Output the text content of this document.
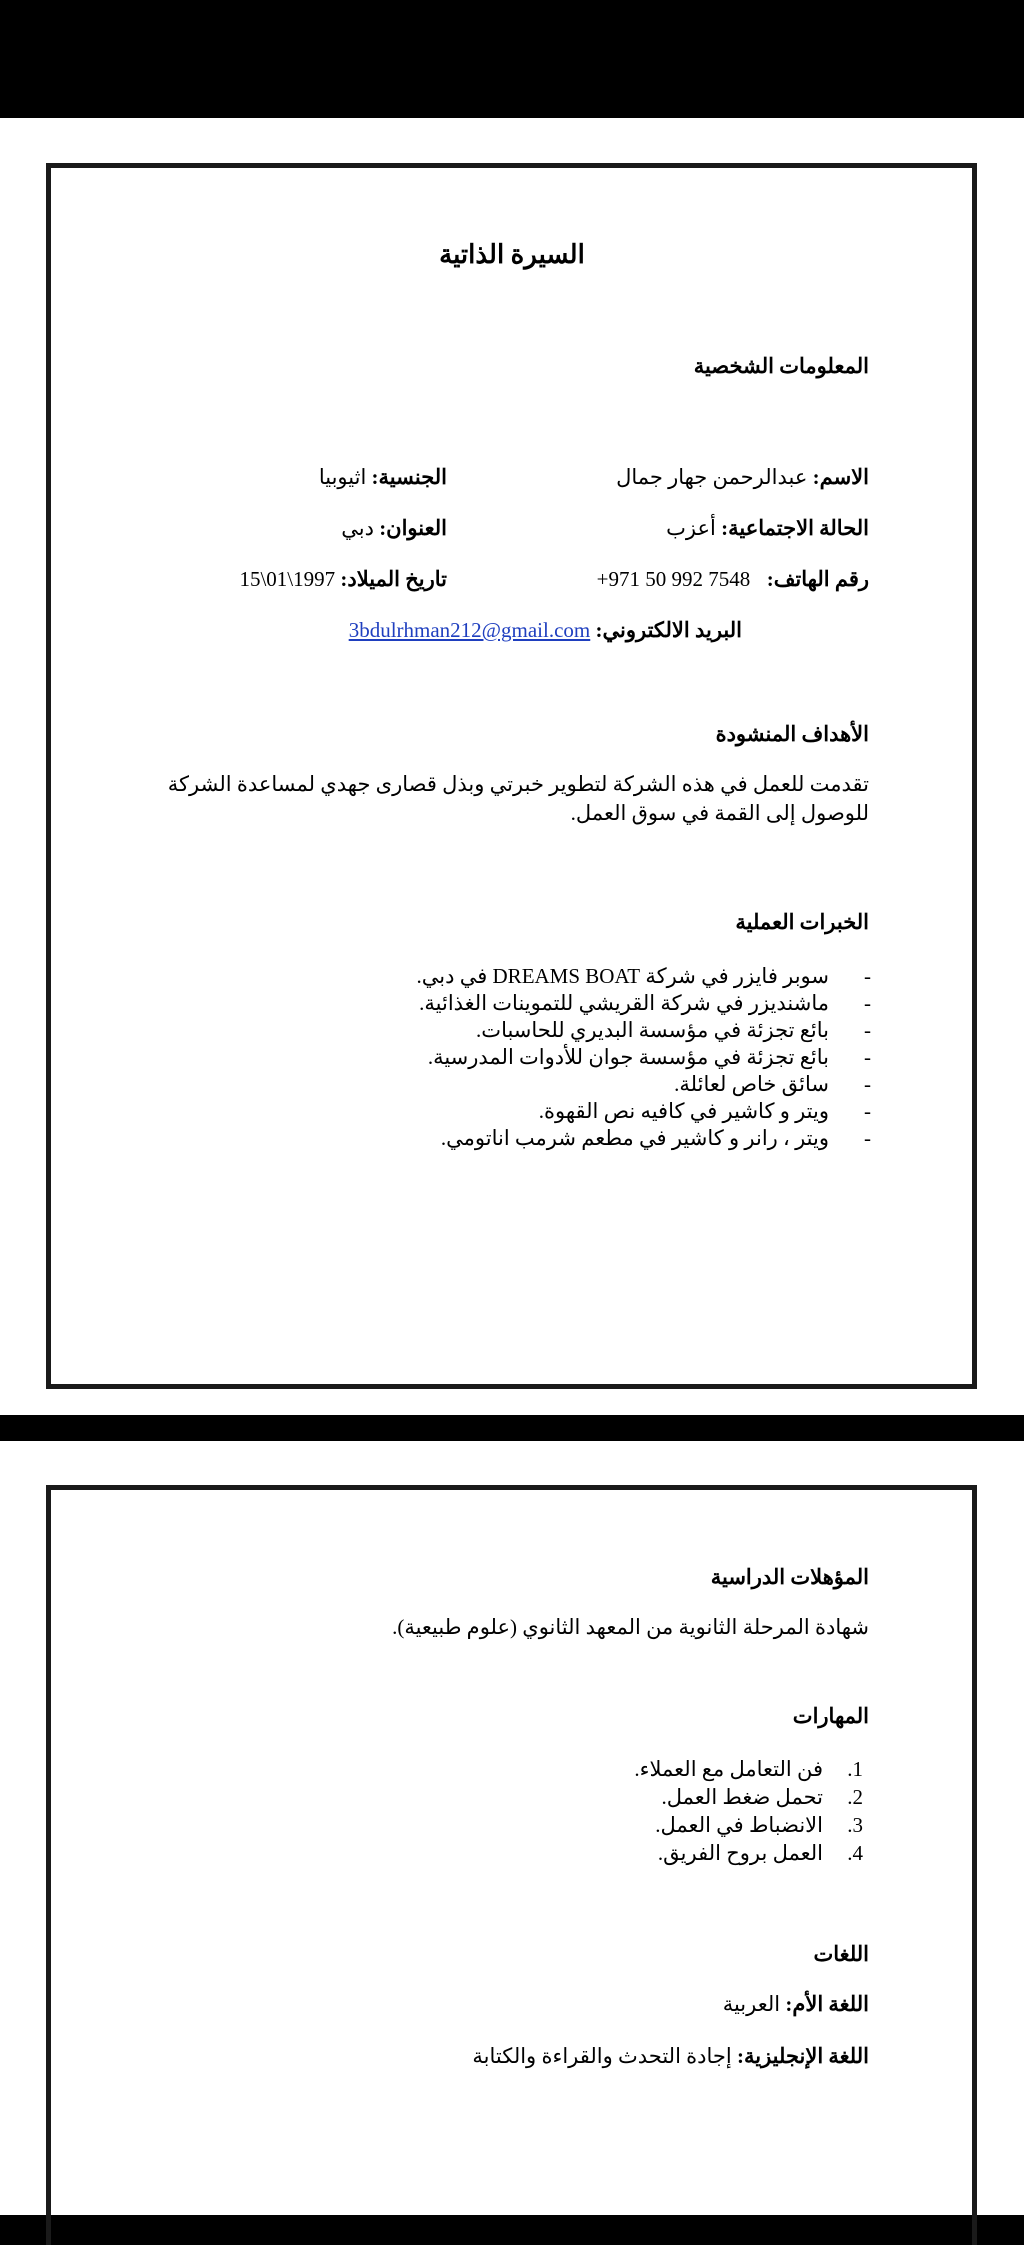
السيرة الذاتية
المعلومات الشخصية
الاسم: عبدالرحمن جهار جمال
الجنسية: اثيوبيا
الحالة الاجتماعية: أعزب
العنوان: دبي
رقم الهاتف:  +971 50 992 7548
تاريخ الميلاد: 15\01\1997
البريد الالكتروني: 3bdulrhman212@gmail.com
الأهداف المنشودة
تقدمت للعمل في هذه الشركة لتطوير خبرتي وبذل قصارى جهدي لمساعدة الشركة
للوصول إلى القمة في سوق العمل.
الخبرات العملية
- سوبر فايزر في شركة DREAMS BOAT في دبي.
- ماشنديزر في شركة القريشي للتموينات الغذائية.
- بائع تجزئة في مؤسسة البديري للحاسبات.
- بائع تجزئة في مؤسسة جوان للأدوات المدرسية.
- سائق خاص لعائلة.
- ويتر و كاشير في كافيه نص القهوة.
- ويتر ، رانر و كاشير في مطعم شرمب اناتومي.
المؤهلات الدراسية
شهادة المرحلة الثانوية من المعهد الثانوي (علوم طبيعية).
المهارات
1.فن التعامل مع العملاء.
2.تحمل ضغط العمل.
3.الانضباط في العمل.
4.العمل بروح الفريق.
اللغات
اللغة الأم: العربية
اللغة الإنجليزية: إجادة التحدث والقراءة والكتابة
